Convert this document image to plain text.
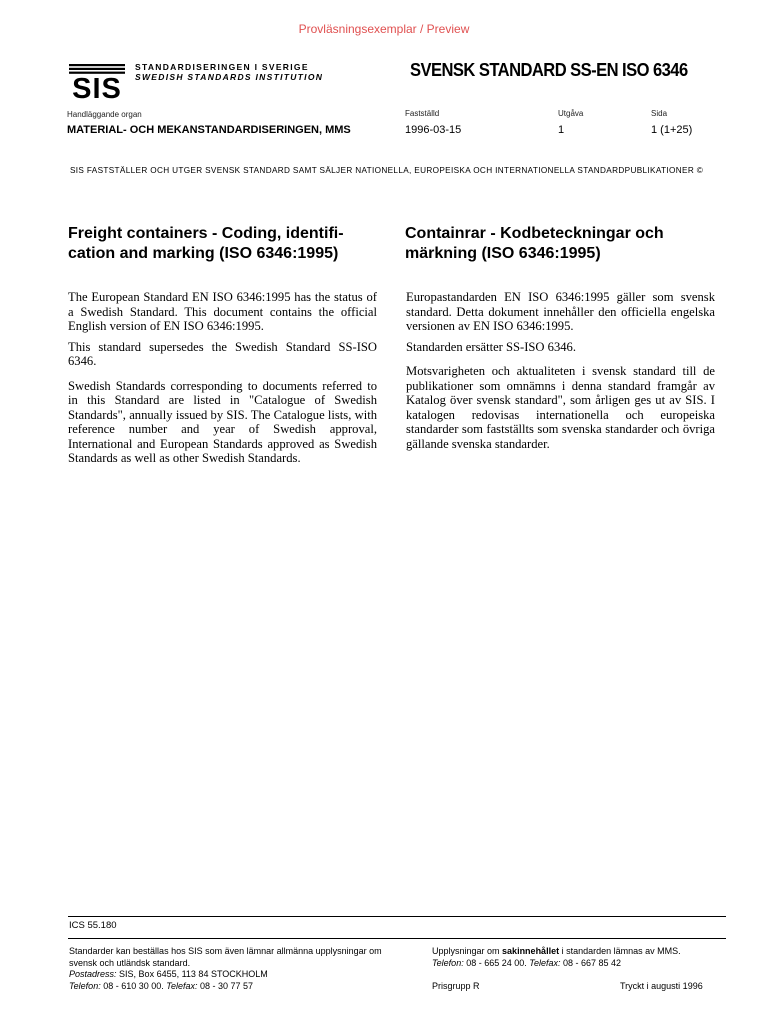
Provläsningsexemplar / Preview
SIS
STANDARDISERINGEN I SVERIGE
SWEDISH STANDARDS INSTITUTION	SVENSK STANDARD SS-EN ISO 6346
Handläggande organ
MATERIAL- OCH MEKANSTANDARDISERINGEN, MMS
Fastställd
1996-03-15
Utgåva
1
Sida
1 (1+25)
SIS FASTSTÄLLER OCH UTGER SVENSK STANDARD SAMT SÄLJER NATIONELLA, EUROPEISKA OCH INTERNATIONELLA STANDARDPUBLIKATIONER ©
Freight containers - Coding, identifi-cation and marking (ISO 6346:1995)
Containrar - Kodbeteckningar och märkning (ISO 6346:1995)

The European Standard EN ISO 6346:1995 has the status of a Swedish Standard. This document contains the official English version of EN ISO 6346:1995.

This standard supersedes the Swedish Standard SS-ISO 6346.

Swedish Standards corresponding to documents referred to in this Standard are listed in "Catalogue of Swedish Standards", annually issued by SIS. The Catalogue lists, with reference number and year of Swedish approval, International and European Standards approved as Swedish Standards as well as other Swedish Standards.

Europastandarden EN ISO 6346:1995 gäller som svensk standard. Detta dokument innehåller den officiella engelska versionen av EN ISO 6346:1995.

Standarden ersätter SS-ISO 6346.

Motsvarigheten och aktualiteten i svensk standard till de publikationer som omnämns i denna standard framgår av Katalog över svensk standard", som årligen ges ut av SIS. I katalogen redovisas internationella och europeiska standarder som fastställts som svenska standarder och övriga gällande svenska standarder.

ICS 55.180
Standarder kan beställas hos SIS som även lämnar allmänna upplysningar om svensk och utländsk standard.
Postadress: SIS, Box 6455, 113 84 STOCKHOLM
Telefon: 08 - 610 30 00. Telefax: 08 - 30 77 57
Upplysningar om sakinnehållet i standarden lämnas av MMS.
Telefon: 08 - 665 24 00. Telefax: 08 - 667 85 42
Prisgrupp R	Tryckt i augusti 1996
